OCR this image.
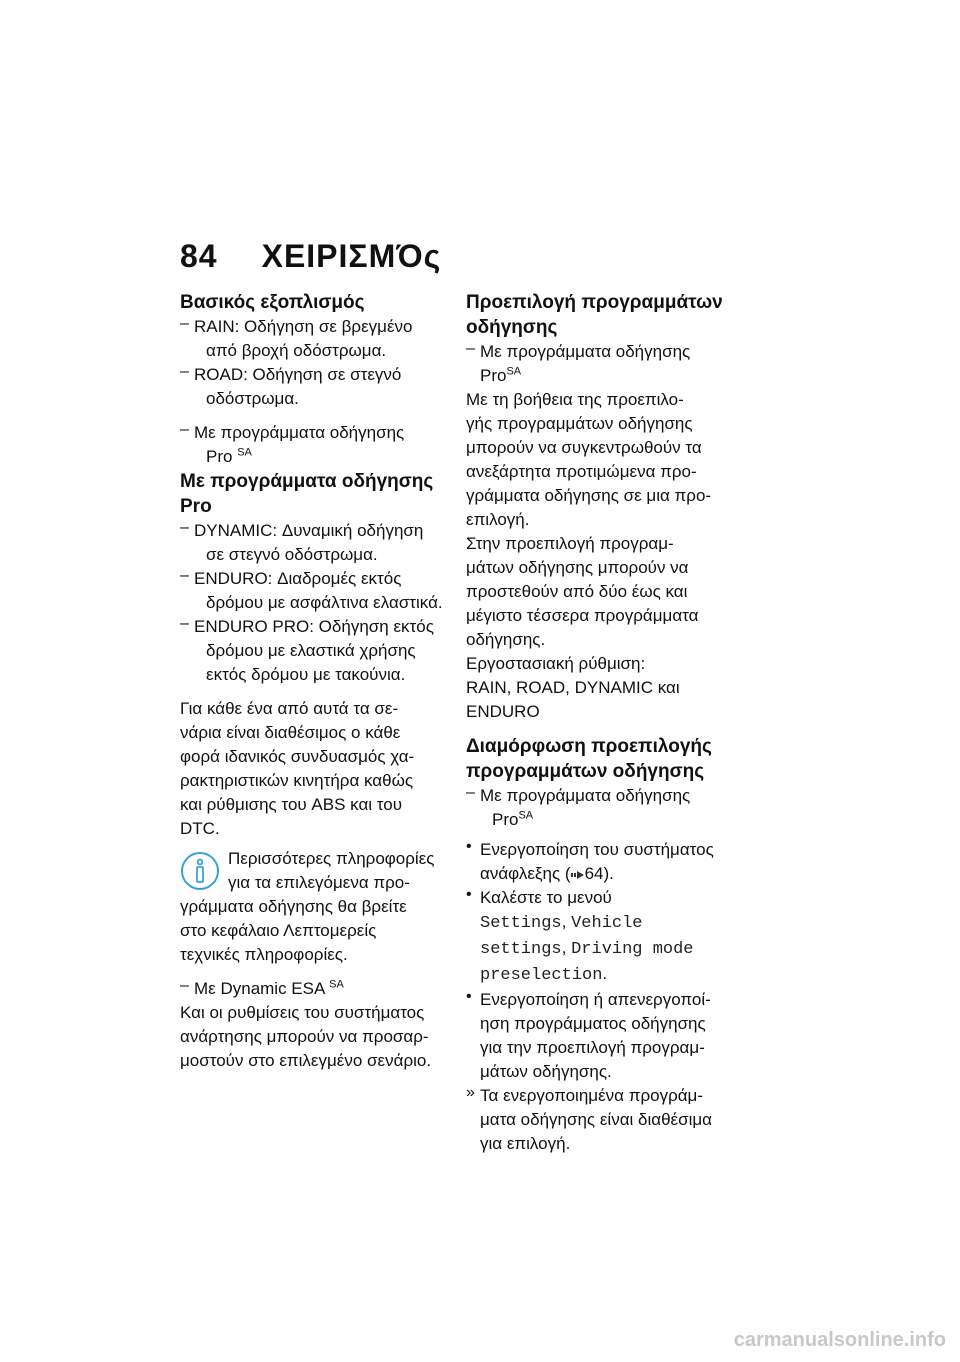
84 ΧΕΙΡΙΣΜΌς

Βασικός εξοπλισμός

– RAIN: Οδήγηση σε βρεγμένο

από βροχή οδόστρωμα.

– ROAD: Οδήγηση σε στεγνό

οδόστρωμα.

– Με προγράμματα οδήγησης

Pro $^{SA}$

Με προγράμματα οδήγησης

Pro

– DYNAMIC: Δυναμική οδήγηση

σε στεγνό οδόστρωμα.

– ENDURO: Διαδρομές εκτός

δρόμου με ασφάλτινα ελαστικά.

– ENDURO PRO: Οδήγηση εκτός

δρόμου με ελαστικά χρήσης

εκτός δρόμου με τακούνια.

Για κάθε ένα από αυτά τα σε-

νάρια είναι διαθέσιμος ο κάθε

φορά ιδανικός συνδυασμός χα-

ρακτηριστικών κινητήρα καθώς

και ρύθμισης του ABS και του

DTC.

Περισσότερες πληροφορίες

για τα επιλεγόμενα προ-

γράμματα οδήγησης θα βρείτε

στο κεφάλαιο Λεπτομερείς

τεχνικές πληροφορίες.

– Με Dynamic ESA $^{SA}$

Και οι ρυθμίσεις του συστήματος

ανάρτησης μπορούν να προσαρ-

μοστούν στο επιλεγμένο σενάριο.

Προεπιλογή προγραμμάτων

οδήγησης

– Με προγράμματα οδήγησης

Pro$^{SA}$

Με τη βοήθεια της προεπιλο-

γής προγραμμάτων οδήγησης

μπορούν να συγκεντρωθούν τα

ανεξάρτητα προτιμώμενα προ-

γράμματα οδήγησης σε μια προ-

επιλογή.

Στην προεπιλογή προγραμ-

μάτων οδήγησης μπορούν να

προστεθούν από δύο έως και

μέγιστο τέσσερα προγράμματα

οδήγησης.

Εργοστασιακή ρύθμιση:

RAIN, ROAD, DYNAMIC και

ENDURO

Διαμόρφωση προεπιλογής

προγραμμάτων οδήγησης

– Με προγράμματα οδήγησης

Pro$^{SA}$

• Ενεργοποίηση του συστήματος

ανάφλεξης ( 64).

• Καλέστε το μενού

Settings, Vehicle

settings, Driving mode

preselection.

• Ενεργοποίηση ή απενεργοποί-

ηση προγράμματος οδήγησης

για την προεπιλογή προγραμ-

μάτων οδήγησης.

» Τα ενεργοποιημένα προγράμ-

ματα οδήγησης είναι διαθέσιμα

για επιλογή.

carmanualsonline.info
